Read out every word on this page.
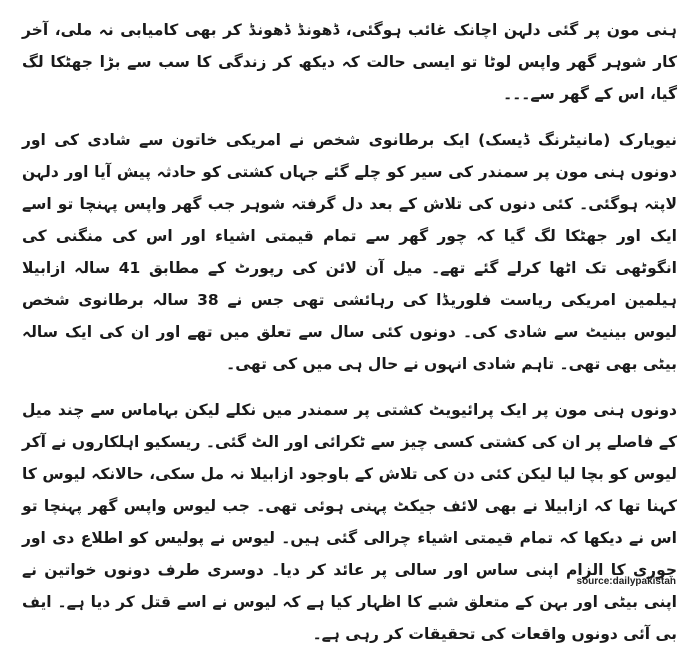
ہنی مون پر گئی دلہن اچانک غائب ہوگئی، ڈھونڈ ڈھونڈ کر بھی کامیابی نہ ملی، آخر کار شوہر گھر واپس لوٹا تو ایسی حالت کہ دیکھ کر زندگی کا سب سے بڑا جھٹکا لگ گیا، اس کے گھر سے۔۔۔

نیویارک (مانیٹرنگ ڈیسک) ایک برطانوی شخص نے امریکی خاتون سے شادی کی اور دونوں ہنی مون پر سمندر کی سیر کو چلے گئے جہاں کشتی کو حادثہ پیش آیا اور دلہن لاپتہ ہوگئی۔ کئی دنوں کی تلاش کے بعد دل گرفتہ شوہر جب گھر واپس پہنچا تو اسے ایک اور جھٹکا لگ گیا کہ چور گھر سے تمام قیمتی اشیاء اور اس کی منگنی کی انگوٹھی تک اٹھا کرلے گئے تھے۔ میل آن لائن کی رپورٹ کے مطابق 41 سالہ ازابیلا ہیلمین امریکی ریاست فلوریڈا کی رہائشی تھی جس نے 38 سالہ برطانوی شخص لیوس بینیٹ سے شادی کی۔ دونوں کئی سال سے تعلق میں تھے اور ان کی ایک سالہ بیٹی بھی تھی۔ تاہم شادی انہوں نے حال ہی میں کی تھی۔

دونوں ہنی مون پر ایک پرائیویٹ کشتی پر سمندر میں نکلے لیکن بہاماس سے چند میل کے فاصلے پر ان کی کشتی کسی چیز سے ٹکرائی اور الٹ گئی۔ ریسکیو اہلکاروں نے آکر لیوس کو بچا لیا لیکن کئی دن کی تلاش کے باوجود ازابیلا نہ مل سکی، حالانکہ لیوس کا کہنا تھا کہ ازابیلا نے بھی لائف جیکٹ پہنی ہوئی تھی۔ جب لیوس واپس گھر پہنچا تو اس نے دیکھا کہ تمام قیمتی اشیاء چرالی گئی ہیں۔ لیوس نے پولیس کو اطلاع دی اور چوری کا الزام اپنی ساس اور سالی پر عائد کر دیا۔ دوسری طرف دونوں خواتین نے اپنی بیٹی اور بہن کے متعلق شبے کا اظہار کیا ہے کہ لیوس نے اسے قتل کر دیا ہے۔ ایف بی آئی دونوں واقعات کی تحقیقات کر رہی ہے۔

source:dailypakistan
